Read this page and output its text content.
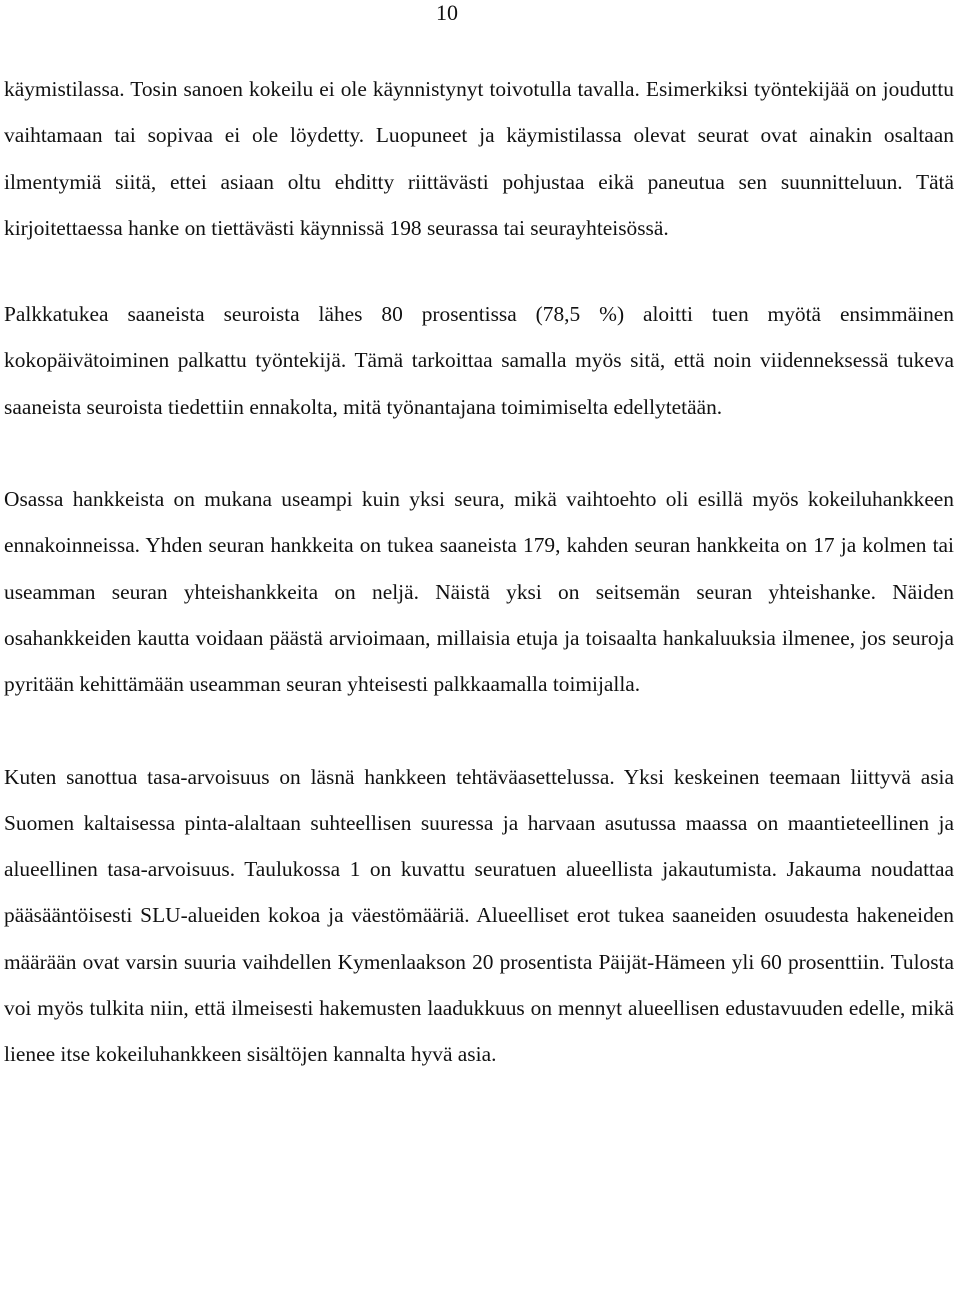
10

käymistilassa. Tosin sanoen kokeilu ei ole käynnistynyt toivotulla tavalla. Esimerkiksi työntekijää on jouduttu vaihtamaan tai sopivaa ei ole löydetty. Luopuneet ja käymistilassa olevat seurat ovat ainakin osaltaan ilmentymiä siitä, ettei asiaan oltu ehditty riittävästi pohjustaa eikä paneutua sen suunnitteluun. Tätä kirjoitettaessa hanke on tiettävästi käynnissä 198 seurassa tai seurayhteisössä.

Palkkatukea saaneista seuroista lähes 80 prosentissa (78,5 %) aloitti tuen myötä ensimmäinen kokopäivätoiminen palkattu työntekijä. Tämä tarkoittaa samalla myös sitä, että noin viidenneksessä tukeva saaneista seuroista tiedettiin ennakolta, mitä työnantajana toimimiselta edellytetään.

Osassa hankkeista on mukana useampi kuin yksi seura, mikä vaihtoehto oli esillä myös kokeiluhankkeen ennakoinneissa. Yhden seuran hankkeita on tukea saaneista 179, kahden seuran hankkeita on 17 ja kolmen tai useamman seuran yhteishankkeita on neljä. Näistä yksi on seitsemän seuran yhteishanke. Näiden osahankkeiden kautta voidaan päästä arvioimaan, millaisia etuja ja toisaalta hankaluuksia ilmenee, jos seuroja pyritään kehittämään useamman seuran yhteisesti palkkaamalla toimijalla.

Kuten sanottua tasa-arvoisuus on läsnä hankkeen tehtäväasettelussa. Yksi keskeinen teemaan liittyvä asia Suomen kaltaisessa pinta-alaltaan suhteellisen suuressa ja harvaan asutussa maassa on maantieteellinen ja alueellinen tasa-arvoisuus. Taulukossa 1 on kuvattu seuratuen alueellista jakautumista. Jakauma noudattaa pääsääntöisesti SLU-alueiden kokoa ja väestömääriä. Alueelliset erot tukea saaneiden osuudesta hakeneiden määrään ovat varsin suuria vaihdellen Kymenlaakson 20 prosentista Päijät-Hämeen yli 60 prosenttiin. Tulosta voi myös tulkita niin, että ilmeisesti hakemusten laadukkuus on mennyt alueellisen edustavuuden edelle, mikä lienee itse kokeiluhankkeen sisältöjen kannalta hyvä asia.
